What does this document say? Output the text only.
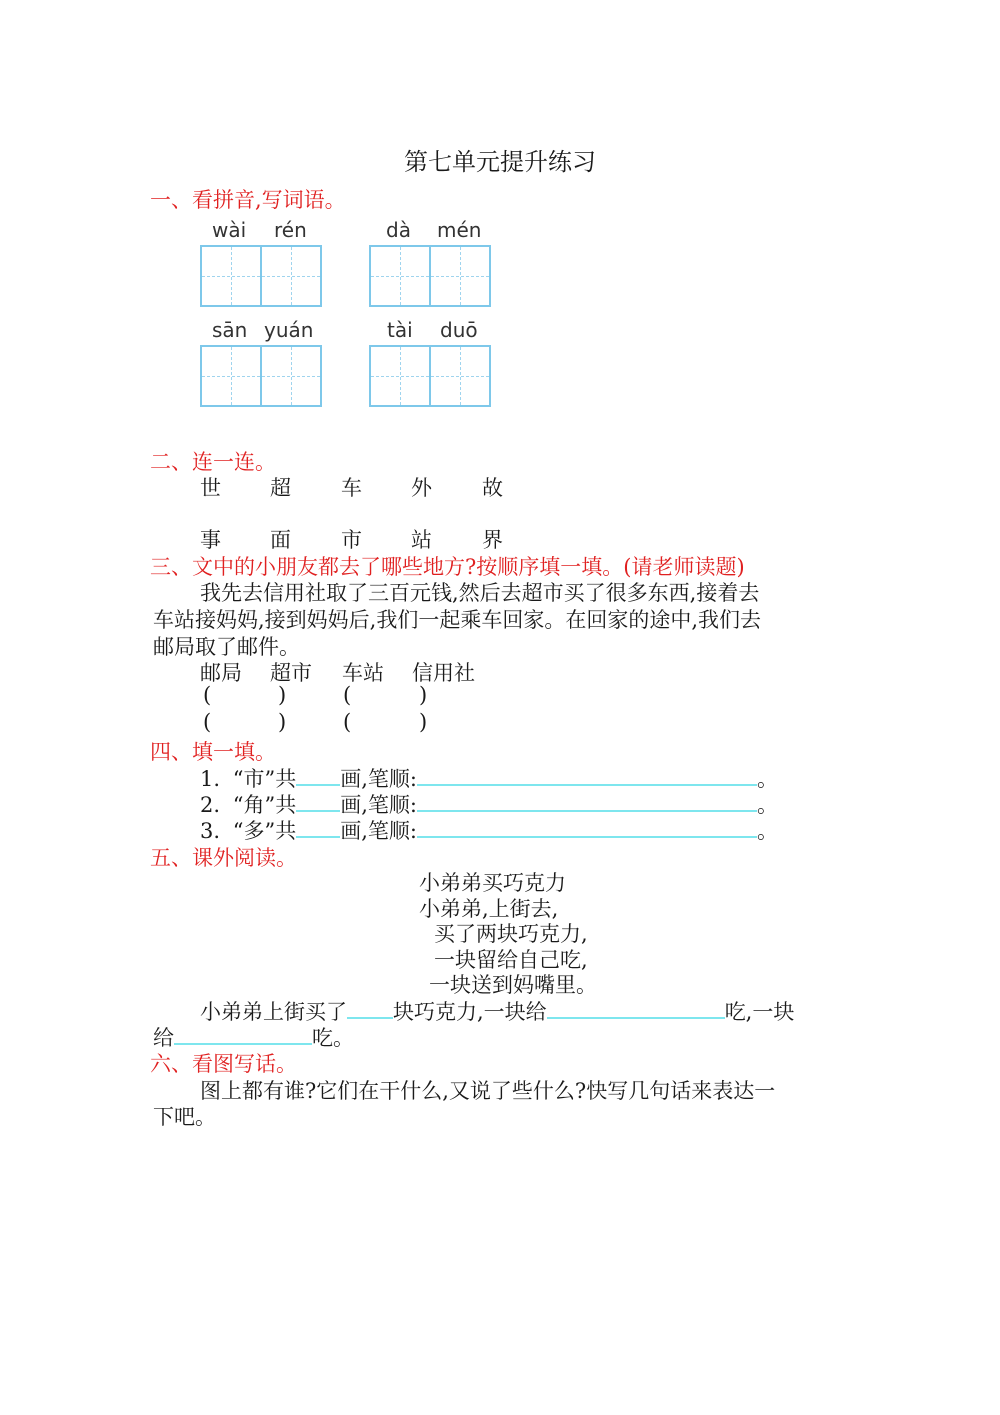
第七单元提升练习
一、看拼音,写词语。
wài rén	dà mén
sān yuán	tài duō
二、连一连。
世 超 车 外 故
事 面 市 站 界
三、文中的小朋友都去了哪些地方?按顺序填一填。(请老师读题)
我先去信用社取了三百元钱,然后去超市买了很多东西,接着去
车站接妈妈,接到妈妈后,我们一起乘车回家。在回家的途中,我们去
邮局取了邮件。
邮局 超市 车站 信用社
(	)	(	)
(	)	(	)
四、填一填。
1. “市”共 画,笔顺:	。
2. “角”共 画,笔顺:	。
3. “多”共 画,笔顺:	。
五、课外阅读。
小弟弟买巧克力
小弟弟,上街去,
买了两块巧克力,
一块留给自己吃,
一块送到妈嘴里。
小弟弟上街买了 块巧克力,一块给	吃,一块
给	吃。
六、看图写话。
图上都有谁?它们在干什么,又说了些什么?快写几句话来表达一
下吧。
